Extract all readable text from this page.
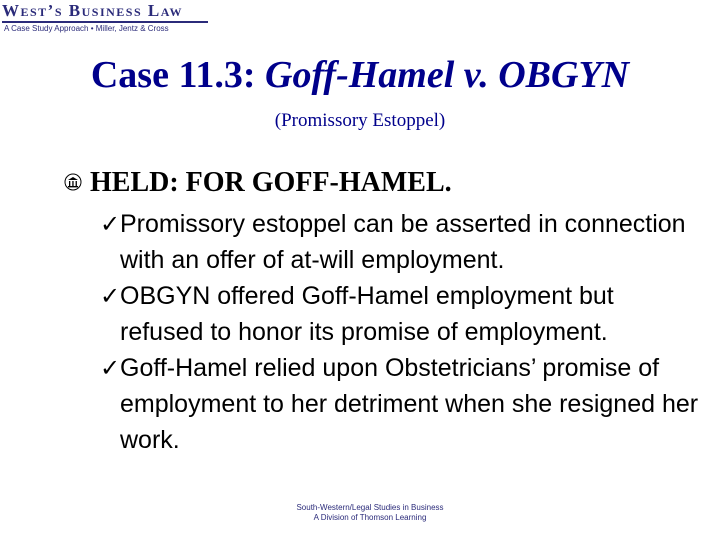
West’s Business Law
A Case Study Approach • Miller, Jentz & Cross
Case 11.3: Goff-Hamel v. OBGYN
(Promissory Estoppel)
HELD: FOR GOFF-HAMEL.
✓ Promissory estoppel can be asserted in connection with an offer of at-will employment.
✓ OBGYN offered Goff‑Hamel employment but refused to honor its promise of employment.
✓ Goff‑Hamel relied upon Obstetricians’ promise of employment to her detriment when she resigned her work.
South-Western/Legal Studies in Business
A Division of Thomson Learning
